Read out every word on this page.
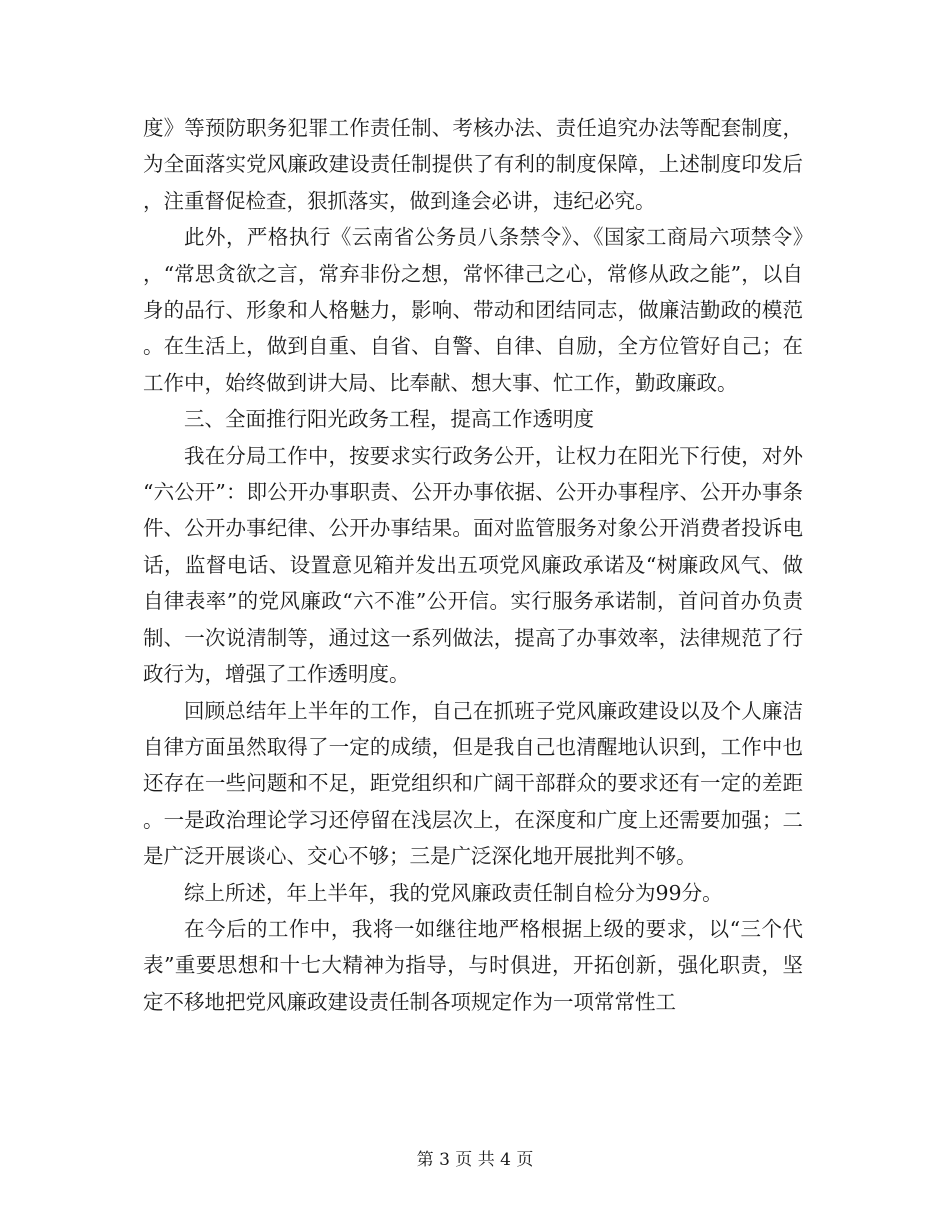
度》等预防职务犯罪工作责任制、考核办法、责任追究办法等配套制度，为全面落实党风廉政建设责任制提供了有利的制度保障，上述制度印发后，注重督促检查，狠抓落实，做到逢会必讲，违纪必究。

此外，严格执行《云南省公务员八条禁令》、《国家工商局六项禁令》，“常思贪欲之言，常弃非份之想，常怀律己之心，常修从政之能”，以自身的品行、形象和人格魅力，影响、带动和团结同志，做廉洁勤政的模范。在生活上，做到自重、自省、自警、自律、自励，全方位管好自己；在工作中，始终做到讲大局、比奉献、想大事、忙工作，勤政廉政。

三、全面推行阳光政务工程，提高工作透明度

我在分局工作中，按要求实行政务公开，让权力在阳光下行使，对外“六公开”：即公开办事职责、公开办事依据、公开办事程序、公开办事条件、公开办事纪律、公开办事结果。面对监管服务对象公开消费者投诉电话，监督电话、设置意见箱并发出五项党风廉政承诺及“树廉政风气、做自律表率”的党风廉政“六不准”公开信。实行服务承诺制，首问首办负责制、一次说清制等，通过这一系列做法，提高了办事效率，法律规范了行政行为，增强了工作透明度。

回顾总结年上半年的工作，自己在抓班子党风廉政建设以及个人廉洁自律方面虽然取得了一定的成绩，但是我自己也清醒地认识到，工作中也还存在一些问题和不足，距党组织和广阔干部群众的要求还有一定的差距。一是政治理论学习还停留在浅层次上，在深度和广度上还需要加强；二是广泛开展谈心、交心不够；三是广泛深化地开展批判不够。

综上所述，年上半年，我的党风廉政责任制自检分为99分。

在今后的工作中，我将一如继往地严格根据上级的要求，以“三个代表”重要思想和十七大精神为指导，与时俱进，开拓创新，强化职责，坚定不移地把党风廉政建设责任制各项规定作为一项常常性工

第 3 页 共 4 页
